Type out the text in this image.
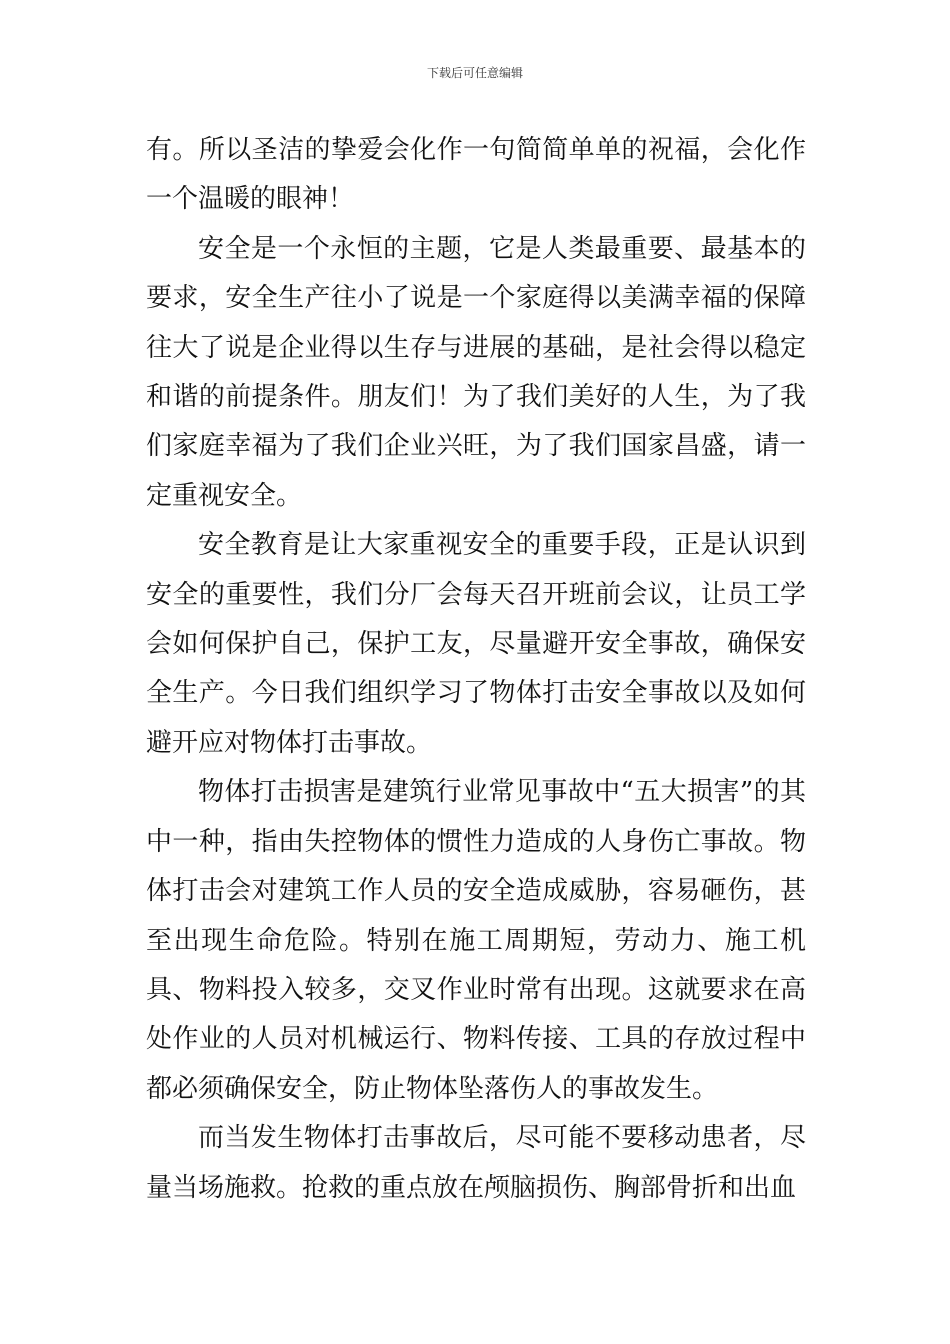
下载后可任意编辑

有。所以圣洁的挚爱会化作一句简简单单的祝福，会化作一个温暖的眼神！

安全是一个永恒的主题，它是人类最重要、最基本的要求，安全生产往小了说是一个家庭得以美满幸福的保障往大了说是企业得以生存与进展的基础，是社会得以稳定和谐的前提条件。朋友们！为了我们美好的人生，为了我们家庭幸福为了我们企业兴旺，为了我们国家昌盛，请一定重视安全。

安全教育是让大家重视安全的重要手段，正是认识到安全的重要性，我们分厂会每天召开班前会议，让员工学会如何保护自己，保护工友，尽量避开安全事故，确保安全生产。今日我们组织学习了物体打击安全事故以及如何避开应对物体打击事故。

物体打击损害是建筑行业常见事故中“五大损害”的其中一种，指由失控物体的惯性力造成的人身伤亡事故。物体打击会对建筑工作人员的安全造成威胁，容易砸伤，甚至出现生命危险。特别在施工周期短，劳动力、施工机具、物料投入较多，交叉作业时常有出现。这就要求在高处作业的人员对机械运行、物料传接、工具的存放过程中都必须确保安全，防止物体坠落伤人的事故发生。

而当发生物体打击事故后，尽可能不要移动患者，尽量当场施救。抢救的重点放在颅脑损伤、胸部骨折和出血
